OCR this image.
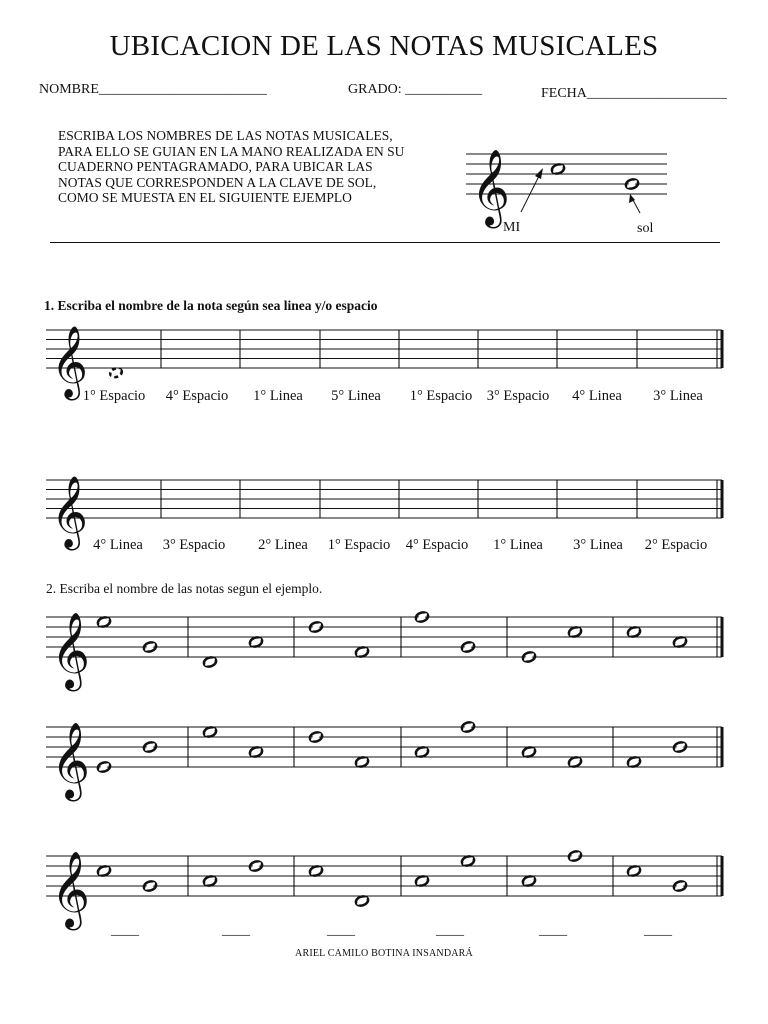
UBICACION DE LAS NOTAS MUSICALES
NOMBRE________________________	GRADO: ___________	FECHA____________________
ESCRIBA LOS NOMBRES DE LAS NOTAS MUSICALES,
PARA ELLO SE GUIAN EN LA MANO REALIZADA EN SU
CUADERNO PENTAGRAMADO, PARA UBICAR LAS
NOTAS QUE CORRESPONDEN A LA CLAVE DE SOL,
COMO SE MUESTA EN EL SIGUIENTE EJEMPLO
1. Escriba el nombre de la nota según sea linea y/o espacio
2. Escriba el nombre de las notas segun el ejemplo.
𝄞
MI	sol
𝄞
1° Espacio 4° Espacio 1° Linea 5° Linea 1° Espacio 3° Espacio 4° Linea 3° Linea
𝄞 4° Linea 3° Espacio 2° Linea 1° Espacio 4° Espacio 1° Linea 3° Linea 2° Espacio
𝄞
𝄞
𝄞
____	____	____	____	____	____
ARIEL CAMILO BOTINA INSANDARÁ
